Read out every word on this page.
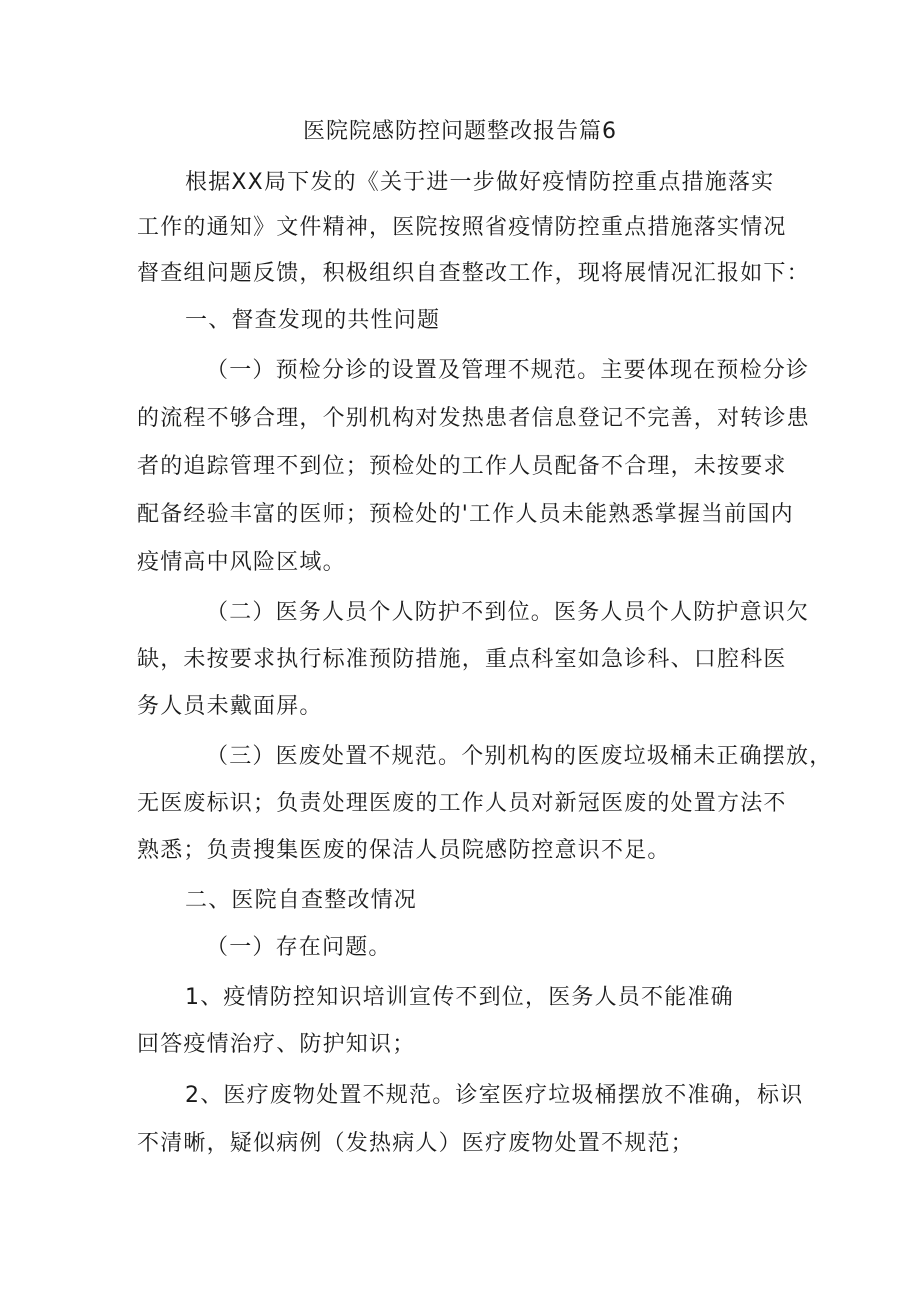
医院院感防控问题整改报告篇6
根据XX局下发的《关于进一步做好疫情防控重点措施落实
工作的通知》文件精神，医院按照省疫情防控重点措施落实情况
督查组问题反馈，积极组织自查整改工作，现将展情况汇报如下：
一、督查发现的共性问题
（一）预检分诊的设置及管理不规范。主要体现在预检分诊
的流程不够合理，个别机构对发热患者信息登记不完善，对转诊患
者的追踪管理不到位；预检处的工作人员配备不合理，未按要求
配备经验丰富的医师；预检处的'工作人员未能熟悉掌握当前国内
疫情高中风险区域。
（二）医务人员个人防护不到位。医务人员个人防护意识欠
缺，未按要求执行标准预防措施，重点科室如急诊科、口腔科医
务人员未戴面屏。
（三）医废处置不规范。个别机构的医废垃圾桶未正确摆放，
无医废标识；负责处理医废的工作人员对新冠医废的处置方法不
熟悉；负责搜集医废的保洁人员院感防控意识不足。
二、医院自查整改情况
（一）存在问题。
1、疫情防控知识培训宣传不到位，医务人员不能准确
回答疫情治疗、防护知识；
2、医疗废物处置不规范。诊室医疗垃圾桶摆放不准确，标识
不清晰，疑似病例（发热病人）医疗废物处置不规范；
